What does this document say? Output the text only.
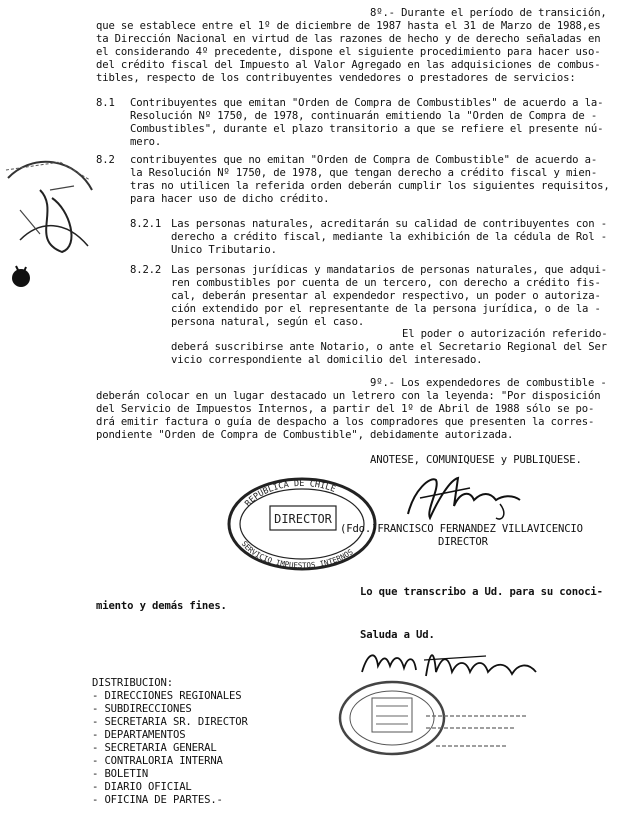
8º.- Durante el período de transición,
que se establece entre el 1º de diciembre de 1987 hasta el 31 de Marzo de 1988,es
ta Dirección Nacional en virtud de las razones de hecho y de derecho señaladas en
el considerando 4º precedente, dispone el siguiente procedimiento para hacer uso-
del crédito fiscal del Impuesto al Valor Agregado en las adquisiciones de combus-
tibles, respecto de los contribuyentes vendedores o prestadores de servicios:
8.1 Contribuyentes que emitan "Orden de Compra de Combustibles" de acuerdo a la-
Resolución Nº 1750, de 1978, continuarán emitiendo la "Orden de Compra de -
Combustibles", durante el plazo transitorio a que se refiere el presente nú-
mero.
8.2 contribuyentes que no emitan "Orden de Compra de Combustible" de acuerdo a-
la Resolución Nº 1750, de 1978, que tengan derecho a crédito fiscal y mien-
tras no utilicen la referida orden deberán cumplir los siguientes requisitos,
para hacer uso de dicho crédito.
8.2.1 Las personas naturales, acreditarán su calidad de contribuyentes con -
derecho a crédito fiscal, mediante la exhibición de la cédula de Rol -
Unico Tributario.
8.2.2 Las personas jurídicas y mandatarios de personas naturales, que adqui-
ren combustibles por cuenta de un tercero, con derecho a crédito fis-
cal, deberán presentar al expendedor respectivo, un poder o autoriza-
ción extendido por el representante de la persona jurídica, o de la -
persona natural, según el caso.
El poder o autorización referido-
deberá suscribirse ante Notario, o ante el Secretario Regional del Ser
vicio correspondiente al domicilio del interesado.
9º.- Los expendedores de combustible -
deberán colocar en un lugar destacado un letrero con la leyenda: "Por disposición
del Servicio de Impuestos Internos, a partir del 1º de Abril de 1988 sólo se po-
drá emitir factura o guía de despacho a los compradores que presenten la corres-
pondiente "Orden de Compra de Combustible", debidamente autorizada.
ANOTESE, COMUNIQUESE y PUBLIQUESE.
REPUBLICA DE CHILE
SERVICIO IMPUESTOS INTERNOS
DIRECTOR
(Fdo.)FRANCISCO FERNANDEZ VILLAVICENCIO
DIRECTOR
Lo que transcribo a Ud. para su conoci-
miento y demás fines.
Saluda a Ud.
DISTRIBUCION:
- DIRECCIONES REGIONALES
- SUBDIRECCIONES
- SECRETARIA SR. DIRECTOR
- DEPARTAMENTOS
- SECRETARIA GENERAL
- CONTRALORIA INTERNA
- BOLETIN
- DIARIO OFICIAL
- OFICINA DE PARTES.-
